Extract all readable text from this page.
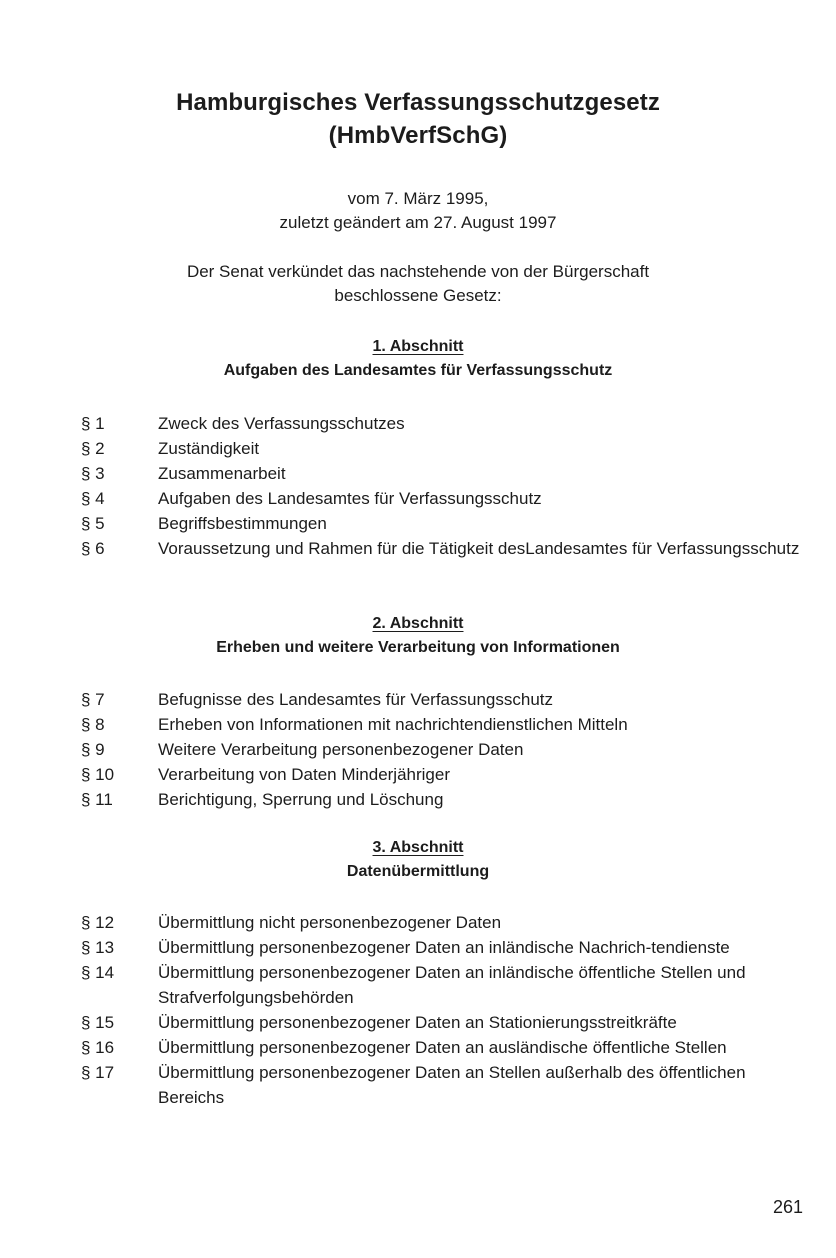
Hamburgisches Verfassungsschutzgesetz
(HmbVerfSchG)
vom 7. März 1995,
zuletzt geändert am 27. August 1997
Der Senat verkündet das nachstehende von der Bürgerschaft
beschlossene Gesetz:
1. Abschnitt
Aufgaben des Landesamtes für Verfassungsschutz
§ 1	Zweck des Verfassungsschutzes
§ 2	Zuständigkeit
§ 3	Zusammenarbeit
§ 4	Aufgaben des Landesamtes für Verfassungsschutz
§ 5	Begriffsbestimmungen
§ 6	Voraussetzung und Rahmen für die Tätigkeit desLandesamtes für Verfassungsschutz
2. Abschnitt
Erheben und weitere Verarbeitung von Informationen
§ 7	Befugnisse des Landesamtes für Verfassungsschutz
§ 8	Erheben von Informationen mit nachrichtendienstlichen Mitteln
§ 9	Weitere Verarbeitung personenbezogener Daten
§ 10	Verarbeitung von Daten Minderjähriger
§ 11	Berichtigung, Sperrung und Löschung
3. Abschnitt
Datenübermittlung
§ 12	Übermittlung nicht personenbezogener Daten
§ 13	Übermittlung personenbezogener Daten an inländische Nachrich-tendienste
§ 14	Übermittlung personenbezogener Daten an inländische öffentliche Stellen und Strafverfolgungsbehörden
§ 15	Übermittlung personenbezogener Daten an Stationierungsstreitkräfte
§ 16	Übermittlung personenbezogener Daten an ausländische öffentliche Stellen
§ 17	Übermittlung personenbezogener Daten an Stellen außerhalb des öffentlichen Bereichs
261
